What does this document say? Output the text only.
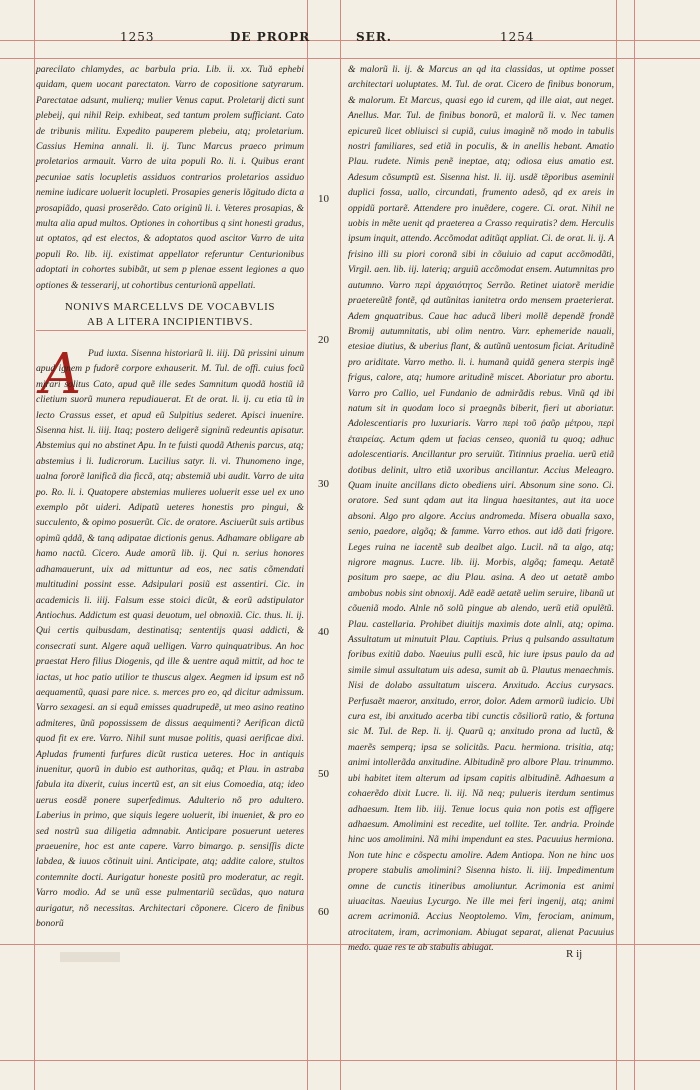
1253	DE PROPR	SER.	1254

parecilato chlamydes, ac barbula pria. Lib. ii. xx. Tuă ephebi quidam, quem uocant parectaton. Varro de copositione satyrarum. Parectatae adsunt, mulierq; mulier Venus caput. Proletarij dicti sunt plebeij, qui nihil Reip. exhibeat, sed tantum prolem sufficiant. Cato de tribunis militu. Expedito pauperem plebeiu, atq; proletarium. Cassius Hemina annali. li. ij. Tunc Marcus praeco primum proletarios armauit. Varro de uita populi Ro. li. i. Quibus erant pecuniae satis locupletis assiduos contrarios proletarios assiduo nemine iudicare uoluerit locupleti. Prosapies generis lõgitudo dicta a prosapiãdo, quasi proserẽdo. Cato originũ li. i. Veteres prosapias, & multa alia apud multos. Optiones in cohortibus q sint honesti gradus, ut optatos, qd est electos, & adoptatos quod ascitor Varro de uita populi Ro. lib. iij. existimat appellator referuntur Centurionibus adoptati in cohortes subibãt, ut sem p plenae essent legiones a quo optiones & tesserarij, ut cohortibus centurionũ appellati.

NONIVS MARCELLVS DE VOCABVLIS
AB A LITERA INCIPIENTIBVS.
A Pud iuxta. Sisenna historiarũ li. iiij. Dũ prissini uinum apud ignem p fudorẽ corpore exhauserit. M. Tul. de offi. cuius focũ mirari solitus Cato, apud quẽ ille sedes Samnitum quodã hostiũ iã clietium suorũ munera repudiauerat. Et de orat. li. ij. cu etia tũ in lecto Crassus esset, et apud eũ Sulpitius sederet. Apisci inuenire. Sisenna hist. li. iiij. Itaq; postero deligerẽ signinũ redeuntis apisatur. Abstemius qui no abstinet Apu. In te fuisti quodã Athenis parcus, atq; abstemius i li. Iudicrorum. Lucilius satyr. li. vi. Thunomeno inge, ualna fororẽ lanificã dia ficcã, atq; abstemiã ubi audit. Varro de uita po. Ro. li. i. Quatopere abstemias mulieres uoluerit esse uel ex uno exemplo põt uideri. Adipatũ ueteres honestis pro pingui, & succulento, & opimo posuerũt. Cic. de oratore. Asciuerũt suis artibus opimũ qddã, & tanq adipatae dictionis genus. Adhamare obligare ab hamo nactũ. Cicero. Aude amorũ lib. ij. Qui n. serius honores adhamauerunt, uix ad mittuntur ad eos, nec satis cõmendati multitudini possint esse. Adsipulari posiũ est assentiri. Cic. in academicis li. iiij. Falsum esse stoici dicũt, & eorũ adstipulator Antiochus. Addictum est quasi deuotum, uel obnoxiũ. Cic. thus. li. ij. Qui certis quibusdam, destinatisq; sententijs quasi addicti, & consecrati sunt. Algere aquã uelligen. Varro quinquatribus. An hoc praestat Hero filius Diogenis, qd ille & uentre aquã mittit, ad hoc te iactas, ut hoc patio utilior te thuscus algex. Aegmen id ipsum est nõ aequamentũ, quasi pare nice. s. merces pro eo, qd dicitur admissum. Varro sexagesi. an si equã emisses quadrupedẽ, ut meo asino reatino admiteres, ũnũ popossissem de dissus aequimenti? Aerifican dictũ quod fit ex ere. Varro. Nihil sunt musae politis, quasi aerificae dixi. Apludas frumenti furfures dicũt rustica ueteres. Hoc in antiquis inuenitur, quorũ in dubio est authoritas, quãq; et Plau. in astraba fabula ita dixerit, cuius incertũ est, an sit eius Comoedia, atq; ideo uerus eosdẽ ponere superfedimus. Adulterio nõ pro adultero. Laberius in primo, que siquis legere uoluerit, ibi inueniet, & pro eo sed nostrũ sua diligetia admnabit. Anticipare posuerunt ueteres praeuenire, hoc est ante capere. Varro bimargo. p. sensiſſis dicte labdea, & iuuos cõtinuit uini. Anticipate, atq; addite calore, stultos contemnite docti. Aurigatur honeste positũ pro moderatur, ac regit. Varro modio. Ad se unũ esse pulmentariũ secũdas, quo natura aurigatur, nõ necessitas. Architectari cõponere. Cicero de finibus bonorũ

& malorũ li. ij. & Marcus an qd ita classidas, ut optime posset architectari uoluptates. M. Tul. de orat. Cicero de finibus bonorum, & malorum. Et Marcus, quasi ego id curem, qd ille aiat, aut neget. Anellus. Mar. Tul. de finibus bonorũ, et malorũ li. v. Nec tamen epicureũ licet obliuisci si cupiã, cuius imaginẽ nõ modo in tabulis nostri familiares, sed etiã in poculis, & in anellis hebant. Amatio Plau. rudete. Nimis penẽ ineptae, atq; odiosa eius amatio est. Adesum cõsumptũ est. Sisenna hist. li. iij. usdẽ tẽporibus aseminii duplici fossa, uallo, circundati, frumento adesõ, qd ex areis in oppidũ portarẽ. Attendere pro inuẽdere, cogere. Ci. orat. Nihil ne uobis in mẽte uenit qd praeterea a Crasso requiratis? dem. Herculis ipsum inquit, attendo. Accõmodat aditũqt appliat. Ci. de orat. li. ij. A frisino illi su piori coronã sibi in cõuiuio ad caput accõmodãti, Virgil. aen. lib. iij. lateriq; arguiũ accõmodat ensem. Autumnitas pro autumno. Varro περὶ ἀρχαιότητος Serrão. Retinet uiatorẽ meridie praetereũtẽ fontẽ, qd autũnitas ianitetra ordo mensem praeterierat. Adem gnquatribus. Caue hac aducã liberi mollẽ dependẽ frondẽ Bromij autumnitatis, ubi olim nentro. Varr. ephemeride nauali, etesiae diutius, & uberius flant, & autũnũ uentosum ficiat. Aritudinẽ pro ariditate. Varro metho. li. i. humanã quidã genera sterpis ingẽ frigus, calore, atq; humore aritudinẽ miscet. Aboriatur pro abortu. Varro pro Callio, uel Fundanio de admirãdis rebus. Vinũ qd ibi natum sit in quodam loco si praegnãs biberit, fieri ut aboriatur. Adolescentiaris pro luxuriaris. Varro περὶ τοῦ ῥαῦρ μέτρου, περὶ ἐταιρείας. Actum qdem ut facias censeo, quoniã tu quoq; adhuc adolescentiaris. Ancillantur pro seruiũt. Titinnius praelia. uerũ etiã dotibus delinit, ultro etiã uxoribus ancillantur. Accius Meleagro. Quam inuite ancillans dicto obediens uiri. Absonum sine sono. Ci. oratore. Sed sunt qdam aut ita lingua haesitantes, aut ita uoce absoni. Algo pro algore. Accius andromeda. Misera obualla saxo, senio, paedore, algõq; & famme. Varro ethos. aut idõ dati frigore. Leges ruina ne iacentẽ sub dealbet algo. Lucil. nã ta algo, atq; nigrore magnus. Lucre. lib. iij. Morbis, algõq; famequ. Aetatẽ positum pro saepe, ac diu Plau. asina. A deo ut aetatẽ ambo ambobus nobis sint obnoxij. Adẽ eadẽ aetatẽ uelim seruire, libanũ ut cõueniã modo. Alnle nõ solũ pingue ab alendo, uerũ etiã opulẽtũ. Plau. castellaria. Prohibet diuitijs maximis dote alnli, atq; opima. Assultatum ut minutuit Plau. Captiuis. Prius q pulsando assultatum foribus exitiũ dabo. Naeuius pulli escã, hic iure ipsus paulo da ad simile simul assultatum uis adesa, sumit ab ũ. Plautus menaechmis. Nisi de dolabo assultatum uiscera. Anxitudo. Accius curysacs. Perfusaẽt maeror, anxitudo, error, dolor. Adem armorũ iudicio. Ubi cura est, ibi anxitudo acerba tibi cunctis cõsiliorũ ratio, & fortuna sic M. Tul. de Rep. li. ij. Quarũ q; anxitudo prona ad luctũ, & maerẽs semperq; ipsa se solicitãs. Pacu. hermiona. trisitia, atq; animi intollerãda anxitudine. Albitudinẽ pro albore Plau. trinummo. ubi habitet item alterum ad ipsam capitis albitudinẽ. Adhaesum a cohaerẽdo dixit Lucre. li. iij. Nã neq; pulueris iterdum sentimus adhaesum. Item lib. iiij. Tenue locus quia non potis est affigere adhaesum. Amolimini est recedite, uel tollite. Ter. andria. Proinde hinc uos amolimini. Nã mihi impendunt ea stes. Pacuuius hermiona. Non tute hinc e cõspectu amolire. Adem Antiopa. Non ne hinc uos propere stabulis amolimini? Sisenna histo. li. iiij. Impedimentum omne de cunctis itineribus amoliuntur. Acrimonia est animi uiuacitas. Naeuius Lycurgo. Ne ille mei feri ingenij, atq; animi acrem acrimoniã. Accius Neoptolemo. Vim, ferociam, animum, atrocitatem, iram, acrimoniam. Abiugat separat, alienat Pacuuius medo. quae res te ab stabulis abiugat.

10
20
30
40
50
60
R ij
